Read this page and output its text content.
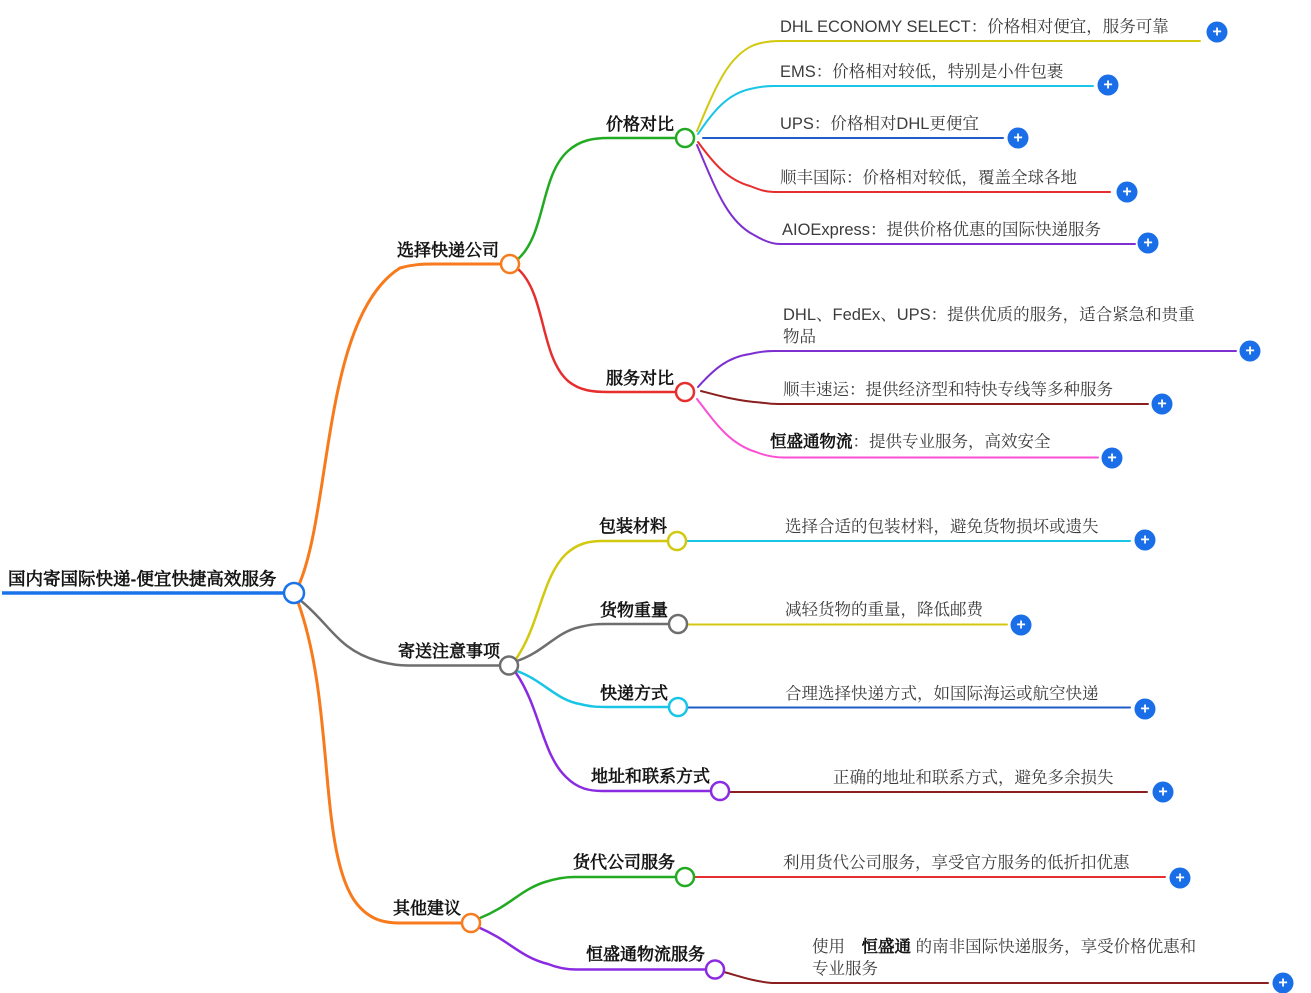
国内寄国际快递-便宜快捷高效服务
选择快递公司
寄送注意事项
其他建议
价格对比
服务对比
包装材料
货物重量
快递方式
地址和联系方式
货代公司服务
恒盛通物流服务
DHL ECONOMY SELECT：价格相对便宜，服务可靠
EMS：价格相对较低，特别是小件包裹
UPS：价格相对DHL更便宜
顺丰国际：价格相对较低，覆盖全球各地
AIOExpress：提供价格优惠的国际快递服务
DHL、FedEx、UPS：提供优质的服务，适合紧急和贵重
物品
顺丰速运：提供经济型和特快专线等多种服务
恒盛通物流：提供专业服务，高效安全
选择合适的包装材料，避免货物损坏或遗失
减轻货物的重量，降低邮费
合理选择快递方式，如国际海运或航空快递
正确的地址和联系方式，避免多余损失
利用货代公司服务，享受官方服务的低折扣优惠
使用　恒盛通 的南非国际快递服务，享受价格优惠和
专业服务
+
+
+
+
+
+
+
+
+
+
+
+
+
+
